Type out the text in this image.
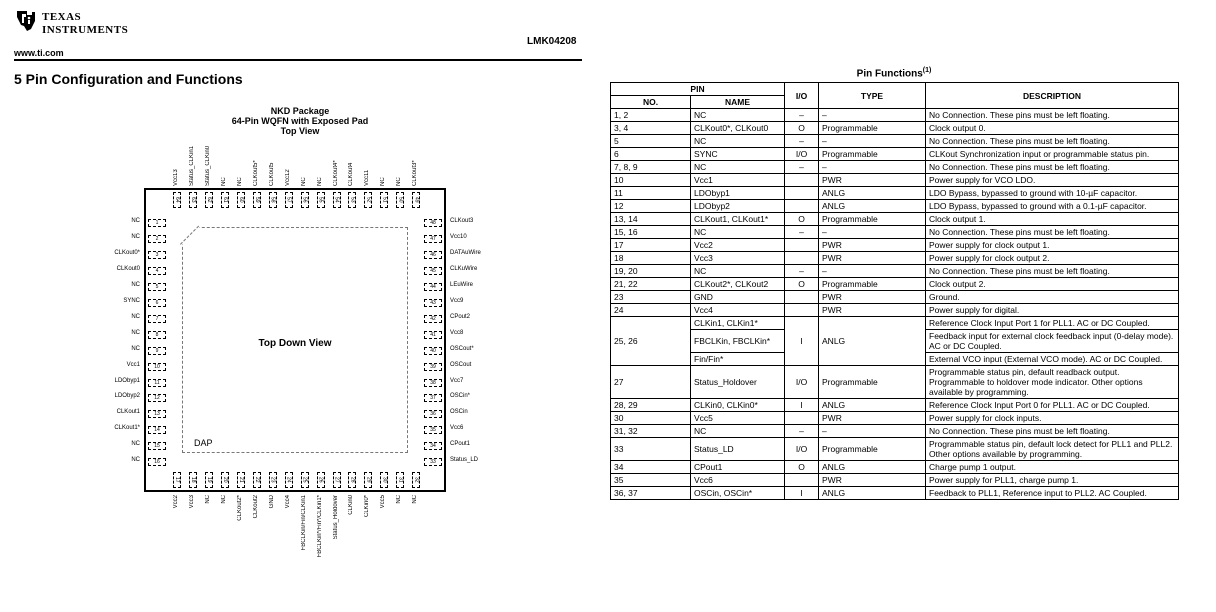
TEXAS
INSTRUMENTS
www.ti.com
LMK04208
5 Pin Configuration and Functions
NKD Package
64-Pin WQFN with Exposed Pad
Top View
Top Down View
DAP
1
NC
2
NC
3
CLKout0*
4
CLKout0
5
NC
6
SYNC
7
NC
8
NC
9
NC
10
Vcc1
11
LDObyp1
12
LDObyp2
13
CLKout1
14
CLKout1*
15
NC
16
NC
17
Vcc2
18
Vcc3
19
NC
20
NC
21
CLKout2*
22
CLKout2
23
GND
24
Vcc4
25
FBCLKin/Fin/CLKin1
26
FBCLKin*/Fin*/CLKin1*
27
Status_Holdover
28
CLKin0
29
CLKin0*
30
Vcc5
31
NC
32
NC
48	CLKout3
47	Vcc10
46	DATAuWire
45	CLKuWire
44	LEuWire
43	Vcc9
42	CPout2
41	Vcc8
40	OSCout*
39	OSCout
38	Vcc7
37	OSCin*
36	OSCin
35	Vcc6
34	CPout1
33	Status_LD
64
Vcc13
63
Status_CLKin1
62
Status_CLKin0
61
NC
60
NC
59
CLKout5*
58
CLKout5
57
Vcc12
56
NC
55
NC
54
CLKout4*
53
CLKout4
52
Vcc11
51
NC
50
NC
49
CLKout3*
Pin Functions$^{(1)}$
PIN		I/O	TYPE	DESCRIPTION
NO.	NAME			
1, 2	NC	–	–	No Connection. These pins must be left floating.
3, 4	CLKout0*, CLKout0	O	Programmable	Clock output 0.
5	NC	–	–	No Connection. These pins must be left floating.
6	SYNC	I/O	Programmable	CLKout Synchronization input or programmable status pin.
7, 8, 9	NC	–	–	No Connection. These pins must be left floating.
10	Vcc1		PWR	Power supply for VCO LDO.
11	LDObyp1		ANLG	LDO Bypass, bypassed to ground with 10-µF capacitor.
12	LDObyp2		ANLG	LDO Bypass, bypassed to ground with a 0.1-µF capacitor.
13, 14	CLKout1, CLKout1*	O	Programmable	Clock output 1.
15, 16	NC	–	–	No Connection. These pins must be left floating.
17	Vcc2		PWR	Power supply for clock output 1.
18	Vcc3		PWR	Power supply for clock output 2.
19, 20	NC	–	–	No Connection. These pins must be left floating.
21, 22	CLKout2*, CLKout2	O	Programmable	Clock output 2.
23	GND		PWR	Ground.
24	Vcc4		PWR	Power supply for digital.
25, 26	CLKin1, CLKin1*	I	ANLG	Reference Clock Input Port 1 for PLL1. AC or DC Coupled.
	FBCLKin, FBCLKin*			Feedback input for external clock feedback input (0-delay mode). AC or DC Coupled.
	Fin/Fin*			External VCO input (External VCO mode). AC or DC Coupled.
27	Status_Holdover	I/O	Programmable	Programmable status pin, default readback output. Programmable to holdover mode indicator. Other options available by programming.
28, 29	CLKin0, CLKin0*	I	ANLG	Reference Clock Input Port 0 for PLL1. AC or DC Coupled.
30	Vcc5		PWR	Power supply for clock inputs.
31, 32	NC	–	–	No Connection. These pins must be left floating.
33	Status_LD	I/O	Programmable	Programmable status pin, default lock detect for PLL1 and PLL2. Other options available by programming.
34	CPout1	O	ANLG	Charge pump 1 output.
35	Vcc6		PWR	Power supply for PLL1, charge pump 1.
36, 37	OSCin, OSCin*	I	ANLG	Feedback to PLL1, Reference input to PLL2. AC Coupled.
